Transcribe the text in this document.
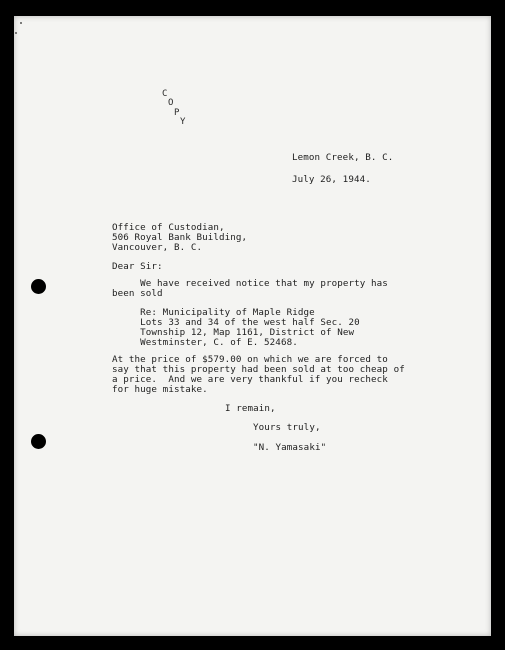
C
O
P
Y
Lemon Creek, B. C.
July 26, 1944.
Office of Custodian,
506 Royal Bank Building,
Vancouver, B. C.
Dear Sir:
We have received notice that my property has
been sold
Re: Municipality of Maple Ridge
Lots 33 and 34 of the west half Sec. 20
Township 12, Map 1161, District of New
Westminster, C. of E. 52468.
At the price of $579.00 on which we are forced to
say that this property had been sold at too cheap of
a price.  And we are very thankful if you recheck
for huge mistake.
I remain,
Yours truly,
"N. Yamasaki"
